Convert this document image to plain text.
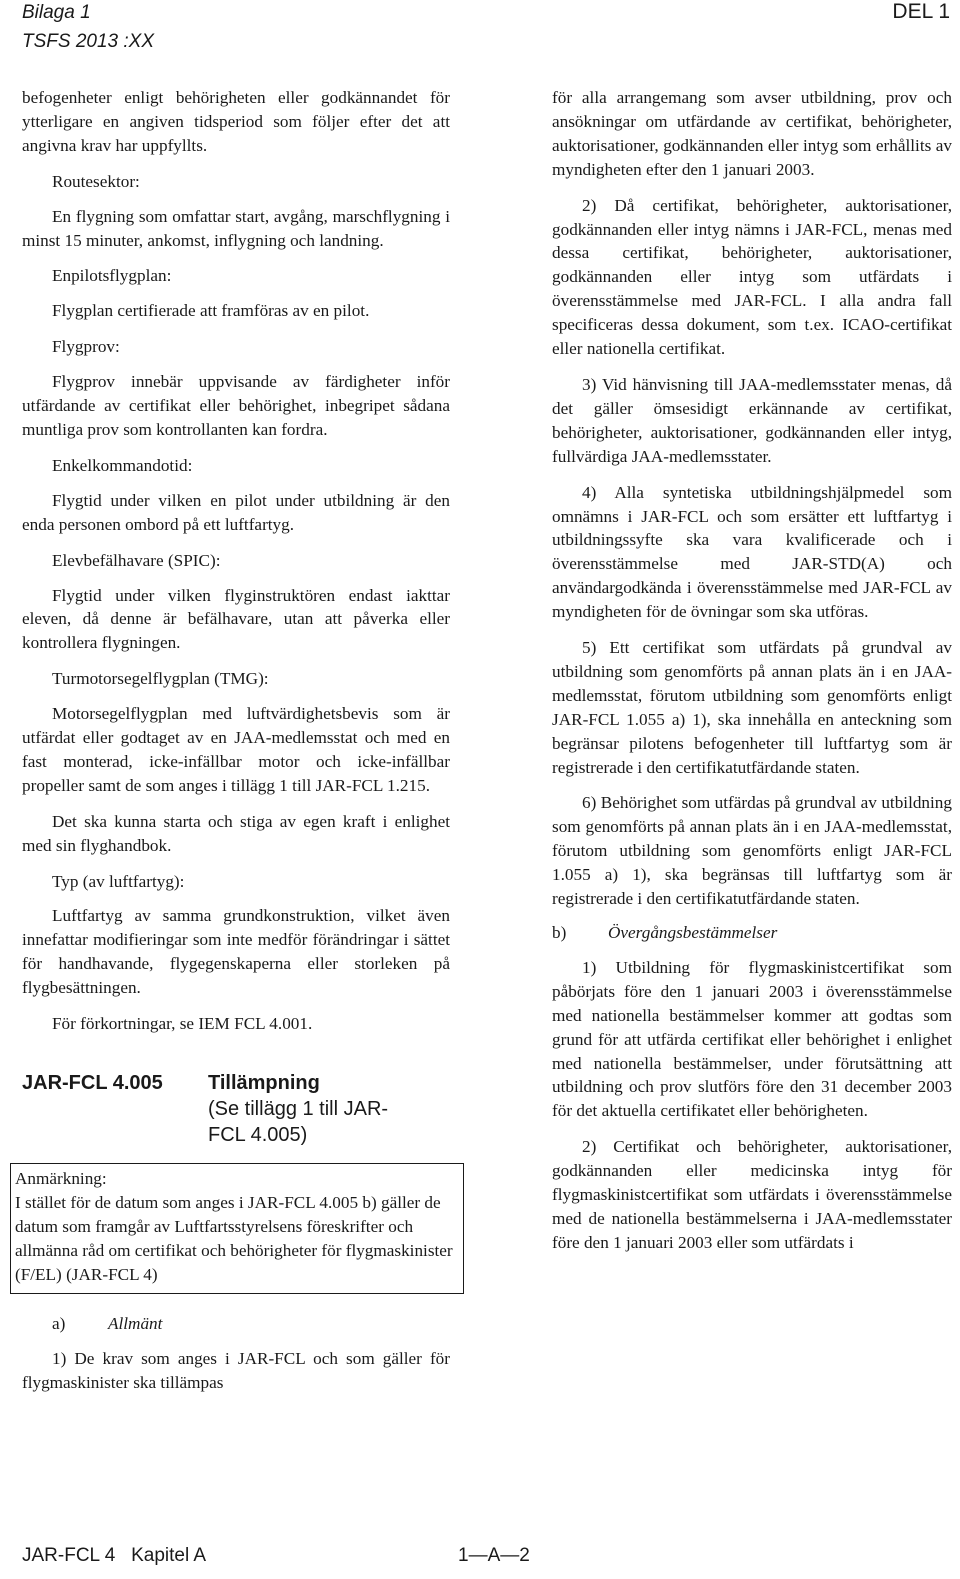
Bilaga 1
TSFS 2013 :XX
DEL 1

befogenheter enligt behörigheten eller godkännandet för ytterligare en angiven tidsperiod som följer efter det att angivna krav har uppfyllts.

Routesektor:

En flygning som omfattar start, avgång, marschflygning i minst 15 minuter, ankomst, inflygning och landning.

Enpilotsflygplan:

Flygplan certifierade att framföras av en pilot.

Flygprov:

Flygprov innebär uppvisande av färdigheter inför utfärdande av certifikat eller behörighet, inbegripet sådana muntliga prov som kontrollanten kan fordra.

Enkelkommandotid:

Flygtid under vilken en pilot under utbildning är den enda personen ombord på ett luftfartyg.

Elevbefälhavare (SPIC):

Flygtid under vilken flyginstruktören endast iakttar eleven, då denne är befälhavare, utan att påverka eller kontrollera flygningen.

Turmotorsegelflygplan (TMG):

Motorsegelflygplan med luftvärdighetsbevis som är utfärdat eller godtaget av en JAA-medlemsstat och med en fast monterad, icke-infällbar motor och icke-infällbar propeller samt de som anges i tillägg 1 till JAR-FCL 1.215.

Det ska kunna starta och stiga av egen kraft i enlighet med sin flyghandbok.

Typ (av luftfartyg):

Luftfartyg av samma grundkonstruktion, vilket även innefattar modifieringar som inte medför förändringar i sättet för handhavande, flygegenskaperna eller storleken på flygbesättningen.

För förkortningar, se IEM FCL 4.001.

JAR-FCL 4.005	Tillämpning
(Se tillägg 1 till JAR-FCL 4.005)

Anmärkning:

I stället för de datum som anges i JAR-FCL 4.005 b) gäller de datum som framgår av Luftfartsstyrelsens föreskrifter och allmänna råd om certifikat och behörigheter för flygmaskinister (F/EL) (JAR-FCL 4)

a)	Allmänt

1) De krav som anges i JAR-FCL och som gäller för flygmaskinister ska tillämpas

för alla arrangemang som avser utbildning, prov och ansökningar om utfärdande av certifikat, behörigheter, auktorisationer, godkännanden eller intyg som erhållits av myndigheten efter den 1 januari 2003.

2) Då certifikat, behörigheter, auktorisationer, godkännanden eller intyg nämns i JAR-FCL, menas med dessa certifikat, behörigheter, auktorisationer, godkännanden eller intyg som utfärdats i överensstämmelse med JAR-FCL. I alla andra fall specificeras dessa dokument, som t.ex. ICAO-certifikat eller nationella certifikat.

3) Vid hänvisning till JAA-medlemsstater menas, då det gäller ömsesidigt erkännande av certifikat, behörigheter, auktorisationer, godkännanden eller intyg, fullvärdiga JAA-medlemsstater.

4) Alla syntetiska utbildningshjälpmedel som omnämns i JAR-FCL och som ersätter ett luftfartyg i utbildningssyfte ska vara kvalificerade och i överensstämmelse med JAR-STD(A) och användargodkända i överensstämmelse med JAR-FCL av myndigheten för de övningar som ska utföras.

5) Ett certifikat som utfärdats på grundval av utbildning som genomförts på annan plats än i en JAA-medlemsstat, förutom utbildning som genomförts enligt JAR-FCL 1.055 a) 1), ska innehålla en anteckning som begränsar pilotens befogenheter till luftfartyg som är registrerade i den certifikatutfärdande staten.

6) Behörighet som utfärdas på grundval av utbildning som genomförts på annan plats än i en JAA-medlemsstat, förutom utbildning som genomförts enligt JAR-FCL 1.055 a) 1), ska begränsas till luftfartyg som är registrerade i den certifikatutfärdande staten.

b)	Övergångsbestämmelser

1) Utbildning för flygmaskinistcertifikat som påbörjats före den 1 januari 2003 i överensstämmelse med nationella bestämmelser kommer att godtas som grund för att utfärda certifikat eller behörighet i enlighet med nationella bestämmelser, under förutsättning att utbildning och prov slutförs före den 31 december 2003 för det aktuella certifikatet eller behörigheten.

2) Certifikat och behörigheter, auktorisationer, godkännanden eller medicinska intyg för flygmaskinistcertifikat som utfärdats i överensstämmelse med de nationella bestämmelserna i JAA-medlemsstater före den 1 januari 2003 eller som utfärdats i

JAR-FCL 4   Kapitel A	1—A—2
